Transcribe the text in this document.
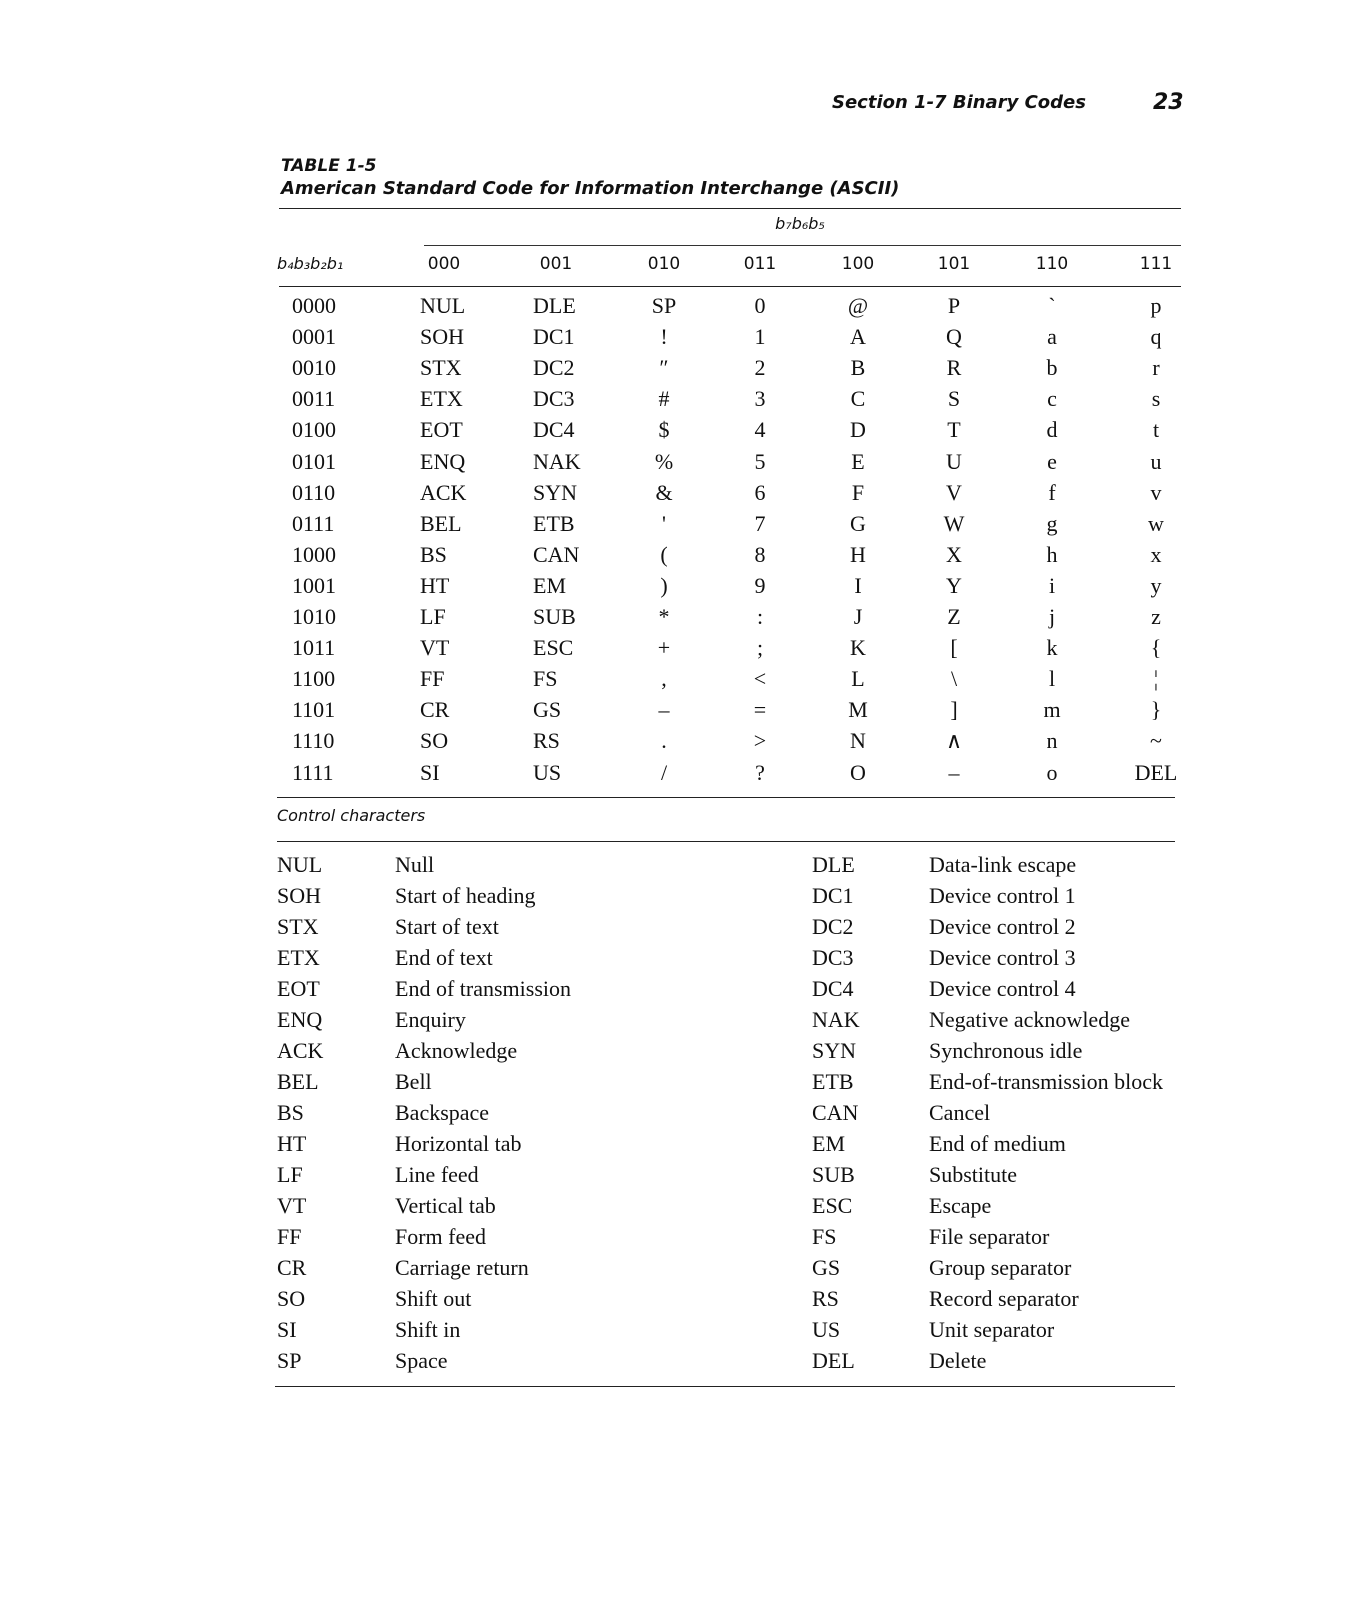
Section 1-7 Binary Codes	23
TABLE 1-5
American Standard Code for Information Interchange (ASCII)
b₇b₆b₅
b₄b₃b₂b₁	000	001	010	011	100	101	110	111
0000	NUL	DLE	SP	0	@	P	`	p
0001	SOH	DC1	!	1	A	Q	a	q
0010	STX	DC2	″	2	B	R	b	r
0011	ETX	DC3	#	3	C	S	c	s
0100	EOT	DC4	$	4	D	T	d	t
0101	ENQ	NAK	%	5	E	U	e	u
0110	ACK	SYN	&	6	F	V	f	v
0111	BEL	ETB	'	7	G	W	g	w
1000	BS	CAN	(	8	H	X	h	x
1001	HT	EM	)	9	I	Y	i	y
1010	LF	SUB	*	:	J	Z	j	z
1011	VT	ESC	+	;	K	[	k	{
1100	FF	FS	,	<	L	\	l	¦
1101	CR	GS	–	=	M	]	m	}
1110	SO	RS	.	>	N	∧	n	~
1111	SI	US	/	?	O	–	o	DEL
Control characters
NUL	Null	DLE	Data-link escape
SOH	Start of heading	DC1	Device control 1
STX	Start of text	DC2	Device control 2
ETX	End of text	DC3	Device control 3
EOT	End of transmission	DC4	Device control 4
ENQ	Enquiry	NAK	Negative acknowledge
ACK	Acknowledge	SYN	Synchronous idle
BEL	Bell	ETB	End-of-transmission block
BS	Backspace	CAN	Cancel
HT	Horizontal tab	EM	End of medium
LF	Line feed	SUB	Substitute
VT	Vertical tab	ESC	Escape
FF	Form feed	FS	File separator
CR	Carriage return	GS	Group separator
SO	Shift out	RS	Record separator
SI	Shift in	US	Unit separator
SP	Space	DEL	Delete
